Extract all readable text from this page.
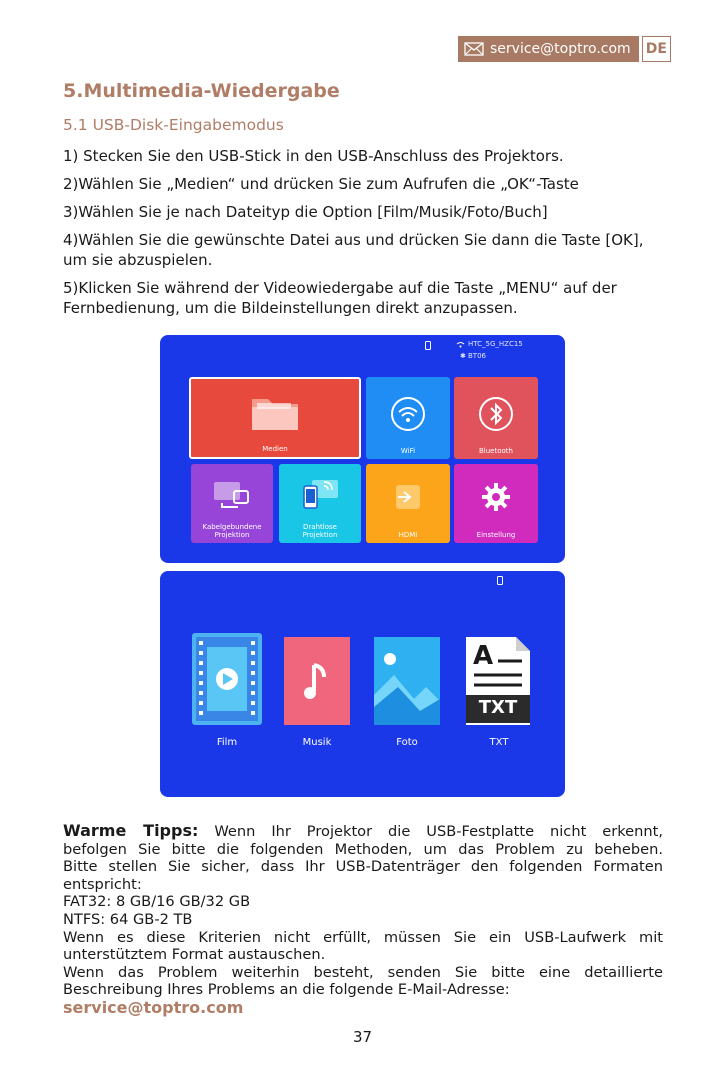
service@toptro.com DE
5.Multimedia-Wiedergabe
5.1 USB-Disk-Eingabemodus

1) Stecken Sie den USB-Stick in den USB-Anschluss des Projektors.

2)Wählen Sie „Medien“ und drücken Sie zum Aufrufen die „OK“-Taste

3)Wählen Sie je nach Dateityp die Option [Film/Musik/Foto/Buch]

4)Wählen Sie die gewünschte Datei aus und drücken Sie dann die Taste [OK], um sie abzuspielen.

5)Klicken Sie während der Videowiedergabe auf die Taste „MENU“ auf der Fernbedienung, um die Bildeinstellungen direkt anzupassen.

HTC_5G_HZC15
✱ BT06
Medien	WiFi	Bluetooth
Kabelgebundene
Projektion
Drahtlose
Projektion	HDMI	Einstellung
A
TXT
Film	Musik	Foto	TXT
Warme Tipps: Wenn Ihr Projektor die USB-Festplatte nicht erkennt,
befolgen Sie bitte die folgenden Methoden, um das Problem zu beheben.
Bitte stellen Sie sicher, dass Ihr USB-Datenträger den folgenden Formaten
entspricht:
FAT32: 8 GB/16 GB/32 GB
NTFS: 64 GB-2 TB
Wenn es diese Kriterien nicht erfüllt, müssen Sie ein USB-Laufwerk mit
unterstütztem Format austauschen.
Wenn das Problem weiterhin besteht, senden Sie bitte eine detaillierte
Beschreibung Ihres Problems an die folgende E-Mail-Adresse:
service@toptro.com
37
